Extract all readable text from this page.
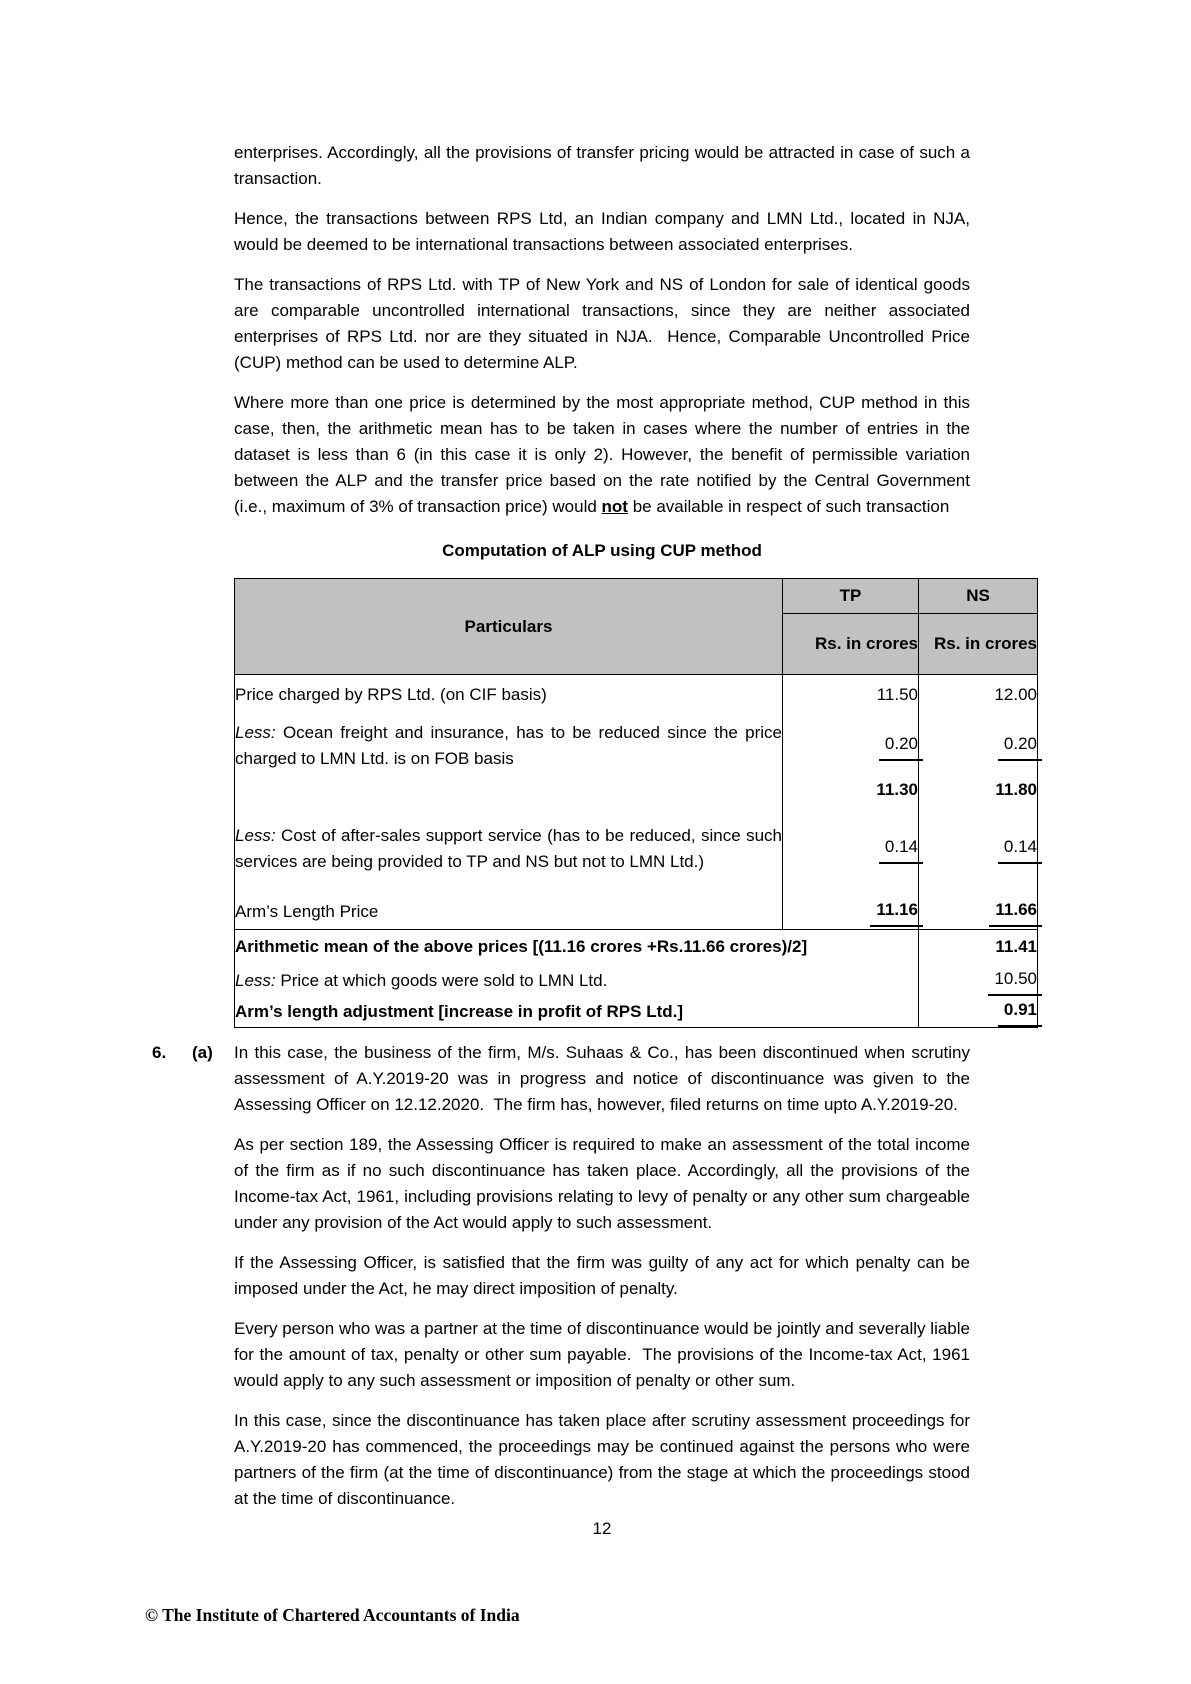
enterprises. Accordingly, all the provisions of transfer pricing would be attracted in case of such a transaction.

Hence, the transactions between RPS Ltd, an Indian company and LMN Ltd., located in NJA, would be deemed to be international transactions between associated enterprises.

The transactions of RPS Ltd. with TP of New York and NS of London for sale of identical goods are comparable uncontrolled international transactions, since they are neither associated enterprises of RPS Ltd. nor are they situated in NJA.  Hence, Comparable Uncontrolled Price (CUP) method can be used to determine ALP.

Where more than one price is determined by the most appropriate method, CUP method in this case, then, the arithmetic mean has to be taken in cases where the number of entries in the dataset is less than 6 (in this case it is only 2). However, the benefit of permissible variation between the ALP and the transfer price based on the rate notified by the Central Government (i.e., maximum of 3% of transaction price) would not be available in respect of such transaction

Computation of ALP using CUP method
Particulars	TP	NS
	Rs. in crores	Rs. in crores
Price charged by RPS Ltd. (on CIF basis)	11.50	12.00
Less: Ocean freight and insurance, has to be reduced since the price charged to LMN Ltd. is on FOB basis	0.20	0.20
	11.30	11.80
Less: Cost of after-sales support service (has to be reduced, since such services are being provided to TP and NS but not to LMN Ltd.)	0.14	0.14
Arm’s Length Price	11.16	11.66
Arithmetic mean of the above prices [(11.16 crores +Rs.11.66 crores)/2]		11.41
Less: Price at which goods were sold to LMN Ltd.		10.50
Arm’s length adjustment [increase in profit of RPS Ltd.]		0.91
6.	(a)	In this case, the business of the firm, M/s. Suhaas & Co., has been discontinued when scrutiny assessment of A.Y.2019-20 was in progress and notice of discontinuance was given to the Assessing Officer on 12.12.2020.  The firm has, however, filed returns on time upto A.Y.2019-20.

As per section 189, the Assessing Officer is required to make an assessment of the total income of the firm as if no such discontinuance has taken place. Accordingly, all the provisions of the Income-tax Act, 1961, including provisions relating to levy of penalty or any other sum chargeable under any provision of the Act would apply to such assessment.

If the Assessing Officer, is satisfied that the firm was guilty of any act for which penalty can be imposed under the Act, he may direct imposition of penalty.

Every person who was a partner at the time of discontinuance would be jointly and severally liable for the amount of tax, penalty or other sum payable.  The provisions of the Income-tax Act, 1961 would apply to any such assessment or imposition of penalty or other sum.

In this case, since the discontinuance has taken place after scrutiny assessment proceedings for A.Y.2019-20 has commenced, the proceedings may be continued against the persons who were partners of the firm (at the time of discontinuance) from the stage at which the proceedings stood at the time of discontinuance.

12
© The Institute of Chartered Accountants of India
